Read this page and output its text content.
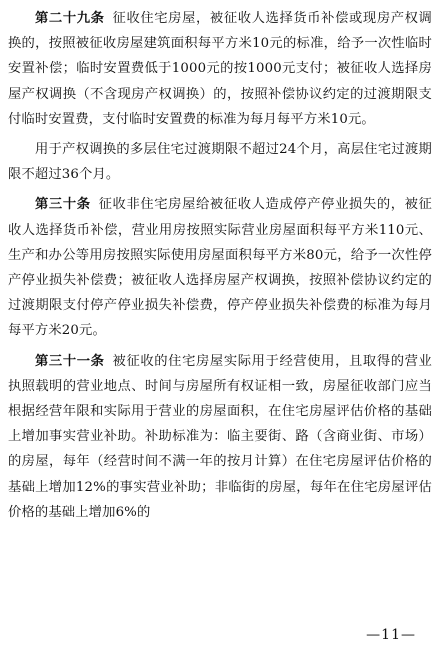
第二十九条 征收住宅房屋，被征收人选择货币补偿或现房产权调换的，按照被征收房屋建筑面积每平方米10元的标准，给予一次性临时安置补偿；临时安置费低于1000元的按1000元支付；被征收人选择房屋产权调换（不含现房产权调换）的，按照补偿协议约定的过渡期限支付临时安置费，支付临时安置费的标准为每月每平方米10元。

用于产权调换的多层住宅过渡期限不超过24个月，高层住宅过渡期限不超过36个月。

第三十条 征收非住宅房屋给被征收人造成停产停业损失的，被征收人选择货币补偿，营业用房按照实际营业房屋面积每平方米110元、生产和办公等用房按照实际使用房屋面积每平方米80元，给予一次性停产停业损失补偿费；被征收人选择房屋产权调换，按照补偿协议约定的过渡期限支付停产停业损失补偿费，停产停业损失补偿费的标准为每月每平方米20元。

第三十一条 被征收的住宅房屋实际用于经营使用，且取得的营业执照载明的营业地点、时间与房屋所有权证相一致，房屋征收部门应当根据经营年限和实际用于营业的房屋面积，在住宅房屋评估价格的基础上增加事实营业补助。补助标准为：临主要街、路（含商业街、市场）的房屋，每年（经营时间不满一年的按月计算）在住宅房屋评估价格的基础上增加12%的事实营业补助；非临街的房屋，每年在住宅房屋评估价格的基础上增加6%的

—11—
